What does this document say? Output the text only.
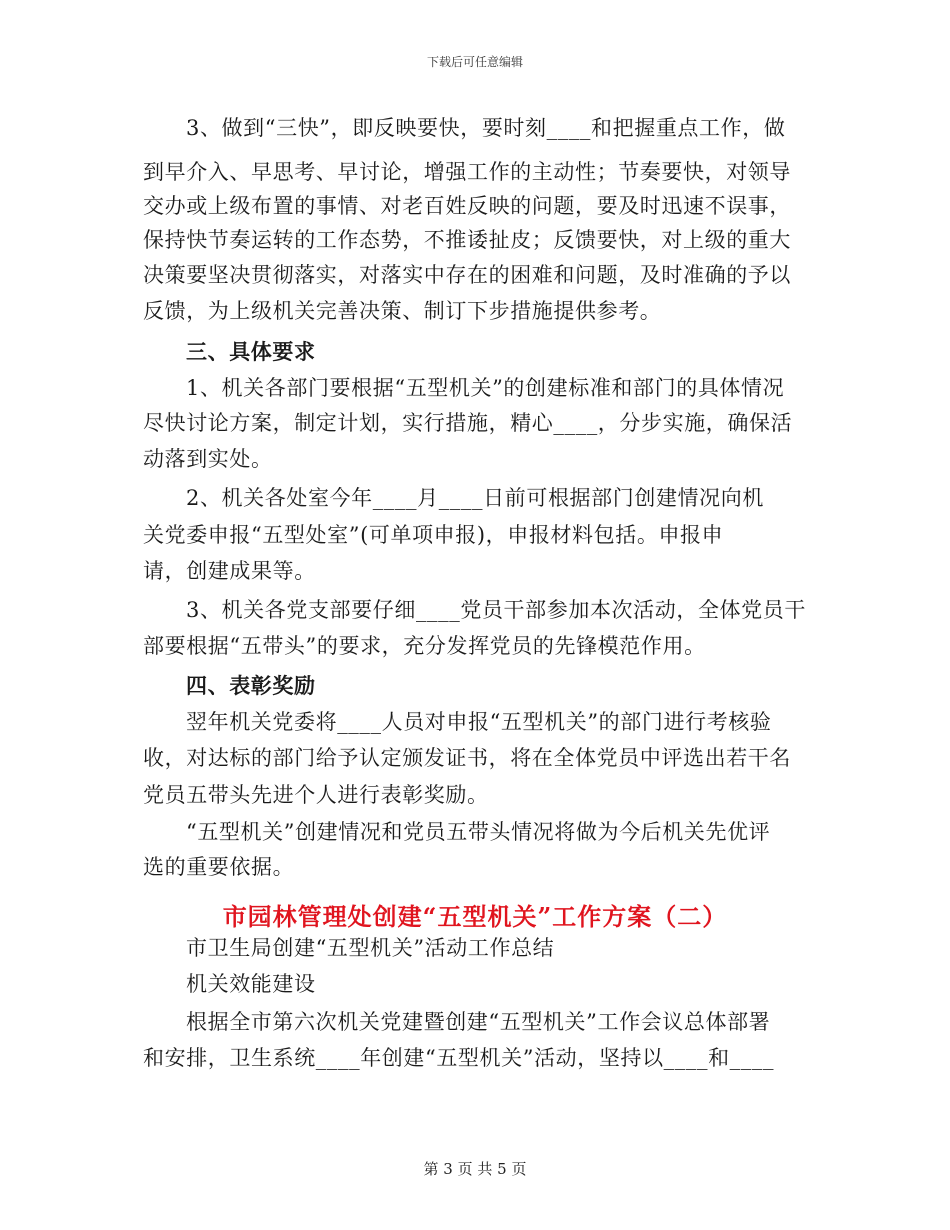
下载后可任意编辑
3、做到“三快”，即反映要快，要时刻____和把握重点工作，做
到早介入、早思考、早讨论，增强工作的主动性；节奏要快，对领导
交办或上级布置的事情、对老百姓反映的问题，要及时迅速不误事，
保持快节奏运转的工作态势，不推诿扯皮；反馈要快，对上级的重大
决策要坚决贯彻落实，对落实中存在的困难和问题，及时准确的予以
反馈，为上级机关完善决策、制订下步措施提供参考。
三、具体要求
1、机关各部门要根据“五型机关”的创建标准和部门的具体情况
尽快讨论方案，制定计划，实行措施，精心____，分步实施，确保活
动落到实处。
2、机关各处室今年____月____日前可根据部门创建情况向机
关党委申报“五型处室”(可单项申报)，申报材料包括。申报申
请，创建成果等。
3、机关各党支部要仔细____党员干部参加本次活动，全体党员干
部要根据“五带头”的要求，充分发挥党员的先锋模范作用。
四、表彰奖励
翌年机关党委将____人员对申报“五型机关”的部门进行考核验
收，对达标的部门给予认定颁发证书，将在全体党员中评选出若干名
党员五带头先进个人进行表彰奖励。
“五型机关”创建情况和党员五带头情况将做为今后机关先优评
选的重要依据。
市园林管理处创建“五型机关”工作方案（二）
市卫生局创建“五型机关”活动工作总结
机关效能建设
根据全市第六次机关党建暨创建“五型机关”工作会议总体部署
和安排，卫生系统____年创建“五型机关”活动，坚持以____和____
第 3 页 共 5 页
